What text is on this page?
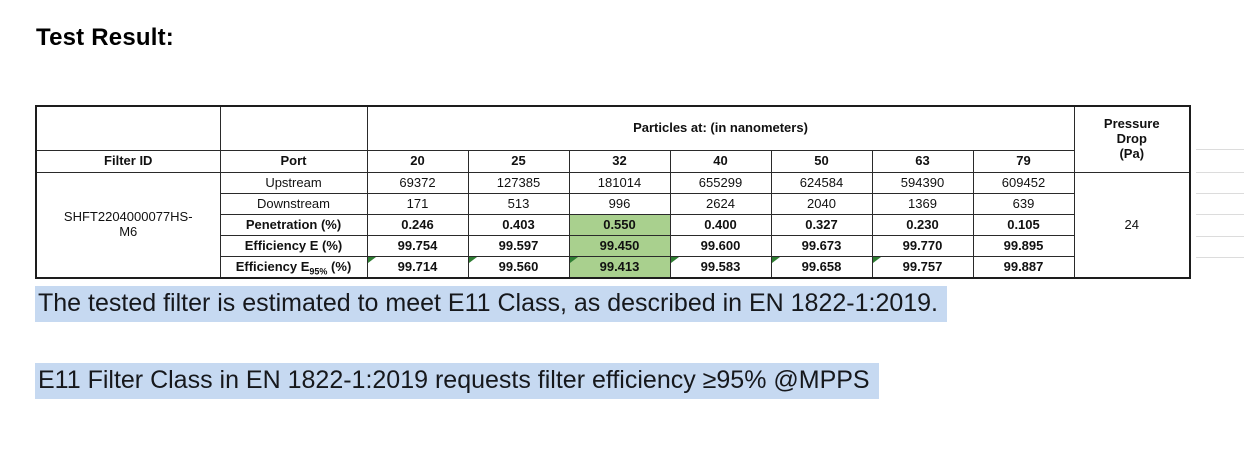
Test Result:
		Particles at: (in nanometers)							Pressure
Drop
(Pa)

Filter ID	Port	20	25	32	40	50	63	79	
SHFT2204000077HS-M6	Upstream	69372	127385	181014	655299	624584	594390	609452	24
	Downstream	171	513	996	2624	2040	1369	639	
	Penetration (%)	0.246	0.403	0.550	0.400	0.327	0.230	0.105	
	Efficiency E (%)	99.754	99.597	99.450	99.600	99.673	99.770	99.895	
	Efficiency $E_{95\%}$ (%)	99.714	99.560	99.413	99.583	99.658	99.757	99.887	
The tested filter is estimated to meet E11 Class, as described in EN 1822-1:2019.
E11 Filter Class in EN 1822-1:2019 requests filter efficiency ≥95% @MPPS
